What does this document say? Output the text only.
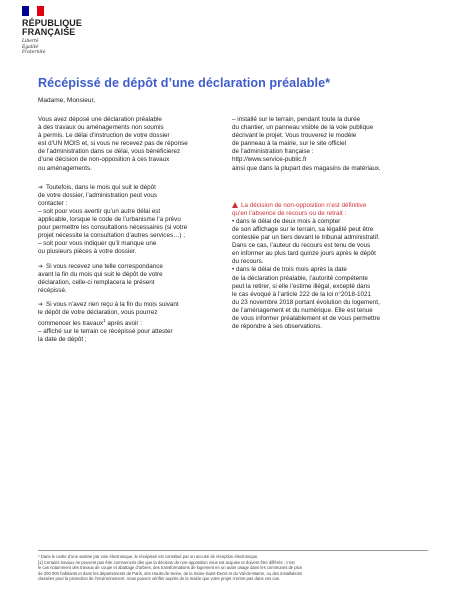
RÉPUBLIQUE
FRANÇAISE
Liberté
Égalité
Fraternité
Récépissé de dépôt d’une déclaration préalable*
Madame, Monsieur,

Vous avez déposé une déclaration préalable
à des travaux ou aménagements non soumis
à permis. Le délai d’instruction de votre dossier
est d’UN MOIS et, si vous ne recevez pas de réponse
de l’administration dans ce délai, vous bénéficierez
d’une décision de non-opposition à ces travaux
ou aménagements.

➔ Toutefois, dans le mois qui suit le dépôt
de votre dossier, l’administration peut vous
contacter :

– soit pour vous avertir qu’un autre délai est
applicable, lorsque le code de l’urbanisme l’a prévu
pour permettre les consultations nécessaires (si votre
projet nécessite la consultation d’autres services…) ;

– soit pour vous indiquer qu’il manque une
ou plusieurs pièces à votre dossier.

➔ Si vous recevez une telle correspondance
avant la fin du mois qui suit le dépôt de votre
déclaration, celle-ci remplacera le présent
récépissé.

➔ Si vous n’avez rien reçu à la fin du mois suivant
le dépôt de votre déclaration, vous pourrez
commencer les travaux$^1$ après avoir :

– affiché sur le terrain ce récépissé pour attester
la date de dépôt ;

– installé sur le terrain, pendant toute la durée
du chantier, un panneau visible de la voie publique
décrivant le projet. Vous trouverez le modèle
de panneau à la mairie, sur le site officiel
de l’administration française :
http://www.service-public.fr
ainsi que dans la plupart des magasins de matériaux.

La décision de non-opposition n’est définitive
qu’en l’absence de recours ou de retrait :

• dans le délai de deux mois à compter
de son affichage sur le terrain, sa légalité peut être
contestée par un tiers devant le tribunal administratif.
Dans ce cas, l’auteur du recours est tenu de vous
en informer au plus tard quinze jours après le dépôt
du recours.

• dans le délai de trois mois après la date
de la déclaration préalable, l’autorité compétente
peut la retirer, si elle l’estime illégal, excepté dans
le cas évoqué à l’article 222 de la loi n°2018-1021
du 23 novembre 2018 portant évolution du logement,
de l’aménagement et du numérique. Elle est tenue
de vous informer préalablement et de vous permettre
de répondre à ses observations.

* Dans le cadre d’une saisine par voie électronique, le récépissé est constitué par un accusé de réception électronique.

[1] Certains travaux ne peuvent pas être commencés dès que la décision de non-opposition vous est acquise et doivent être différés : c’est
le cas notamment des travaux de coupe et abattage d’arbres, des transformations de logement en un autre usage dans les communes de plus
de 200 000 habitants et dans les départements de Paris, des Hauts-de-Seine, de la Seine-Saint-Denis et du Val-de-Marne, ou des installations
classées pour la protection de l’environnement. Vous pouvez vérifier auprès de la mairie que votre projet n’entre pas dans ces cas.
